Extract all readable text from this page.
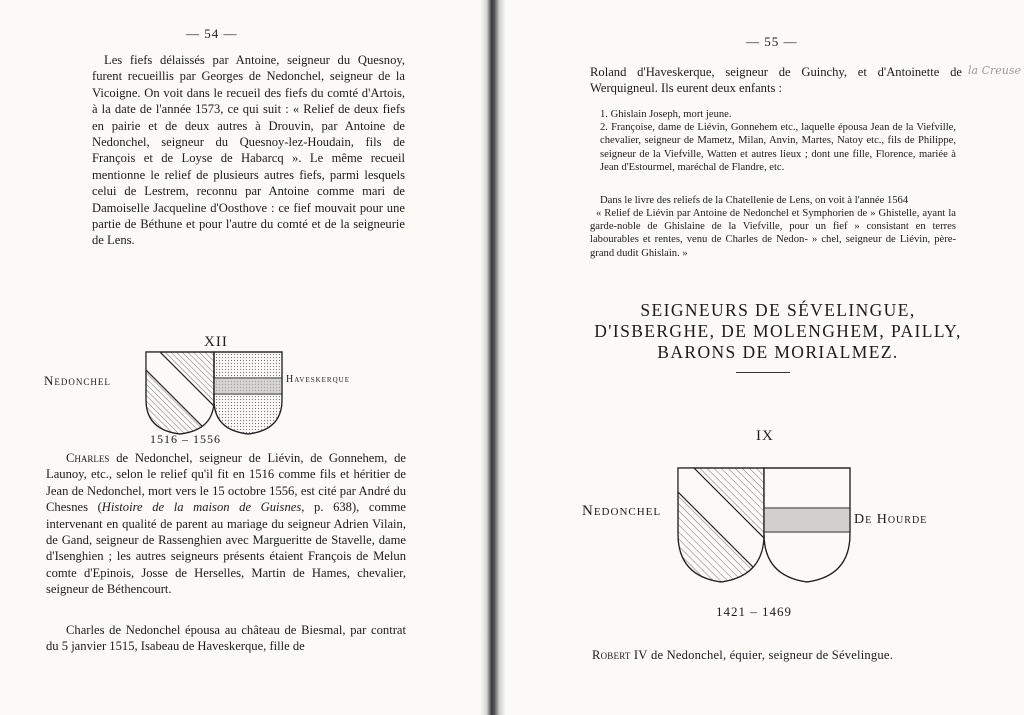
— 54 —

Les fiefs délaissés par Antoine, seigneur du Quesnoy, furent recueillis par Georges de Nedonchel, seigneur de la Vicoigne. On voit dans le recueil des fiefs du comté d'Artois, à la date de l'année 1573, ce qui suit : « Relief de deux fiefs en pairie et de deux autres à Drouvin, par Antoine de Nedonchel, seigneur du Quesnoy-lez-Houdain, fils de François et de Loyse de Habarcq ». Le même recueil mentionne le relief de plusieurs autres fiefs, parmi lesquels celui de Lestrem, reconnu par Antoine comme mari de Damoiselle Jacqueline d'Oosthove : ce fief mouvait pour une partie de Béthune et pour l'autre du comté et de la seigneurie de Lens.

XII
Nedonchel	Haveskerque
1516 – 1556

Charles de Nedonchel, seigneur de Liévin, de Gonnehem, de Launoy, etc., selon le relief qu'il fit en 1516 comme fils et héritier de Jean de Nedonchel, mort vers le 15 octobre 1556, est cité par André du Chesnes (Histoire de la maison de Guisnes, p. 638), comme intervenant en qualité de parent au mariage du seigneur Adrien Vilain, de Gand, seigneur de Rassenghien avec Margueritte de Stavelle, dame d'Isenghien ; les autres seigneurs présents étaient François de Melun comte d'Epinois, Josse de Herselles, Martin de Hames, chevalier, seigneur de Béthencourt.

Charles de Nedonchel épousa au château de Biesmal, par contrat du 5 janvier 1515, Isabeau de Haveskerque, fille de

— 55 —

Roland d'Haveskerque, seigneur de Guinchy, et d'Antoinette de Werquigneul. Ils eurent deux enfants :

la Creuse
1. Ghislain Joseph, mort jeune.
2. Françoise, dame de Liévin, Gonnehem etc., laquelle épousa Jean de la Viefville, chevalier, seigneur de Mametz, Milan, Anvin, Martes, Natoy etc., fils de Philippe, seigneur de la Viefville, Watten et autres lieux ; dont une fille, Florence, mariée à Jean d'Estourmel, maréchal de Flandre, etc.

Dans le livre des reliefs de la Chatellenie de Lens, on voit à l'année 1564

« Relief de Liévin par Antoine de Nedonchel et Symphorien de » Ghistelle, ayant la garde-noble de Ghislaine de la Viefville, pour un fief » consistant en terres labourables et rentes, venu de Charles de Nedon- » chel, seigneur de Liévin, père-grand dudit Ghislain. »

SEIGNEURS DE SÉVELINGUE,
D'ISBERGHE, DE MOLENGHEM, PAILLY,
BARONS DE MORIALMEZ.
IX
Nedonchel
De Hourde
1421 – 1469
Robert IV de Nedonchel, équier, seigneur de Sévelingue.
